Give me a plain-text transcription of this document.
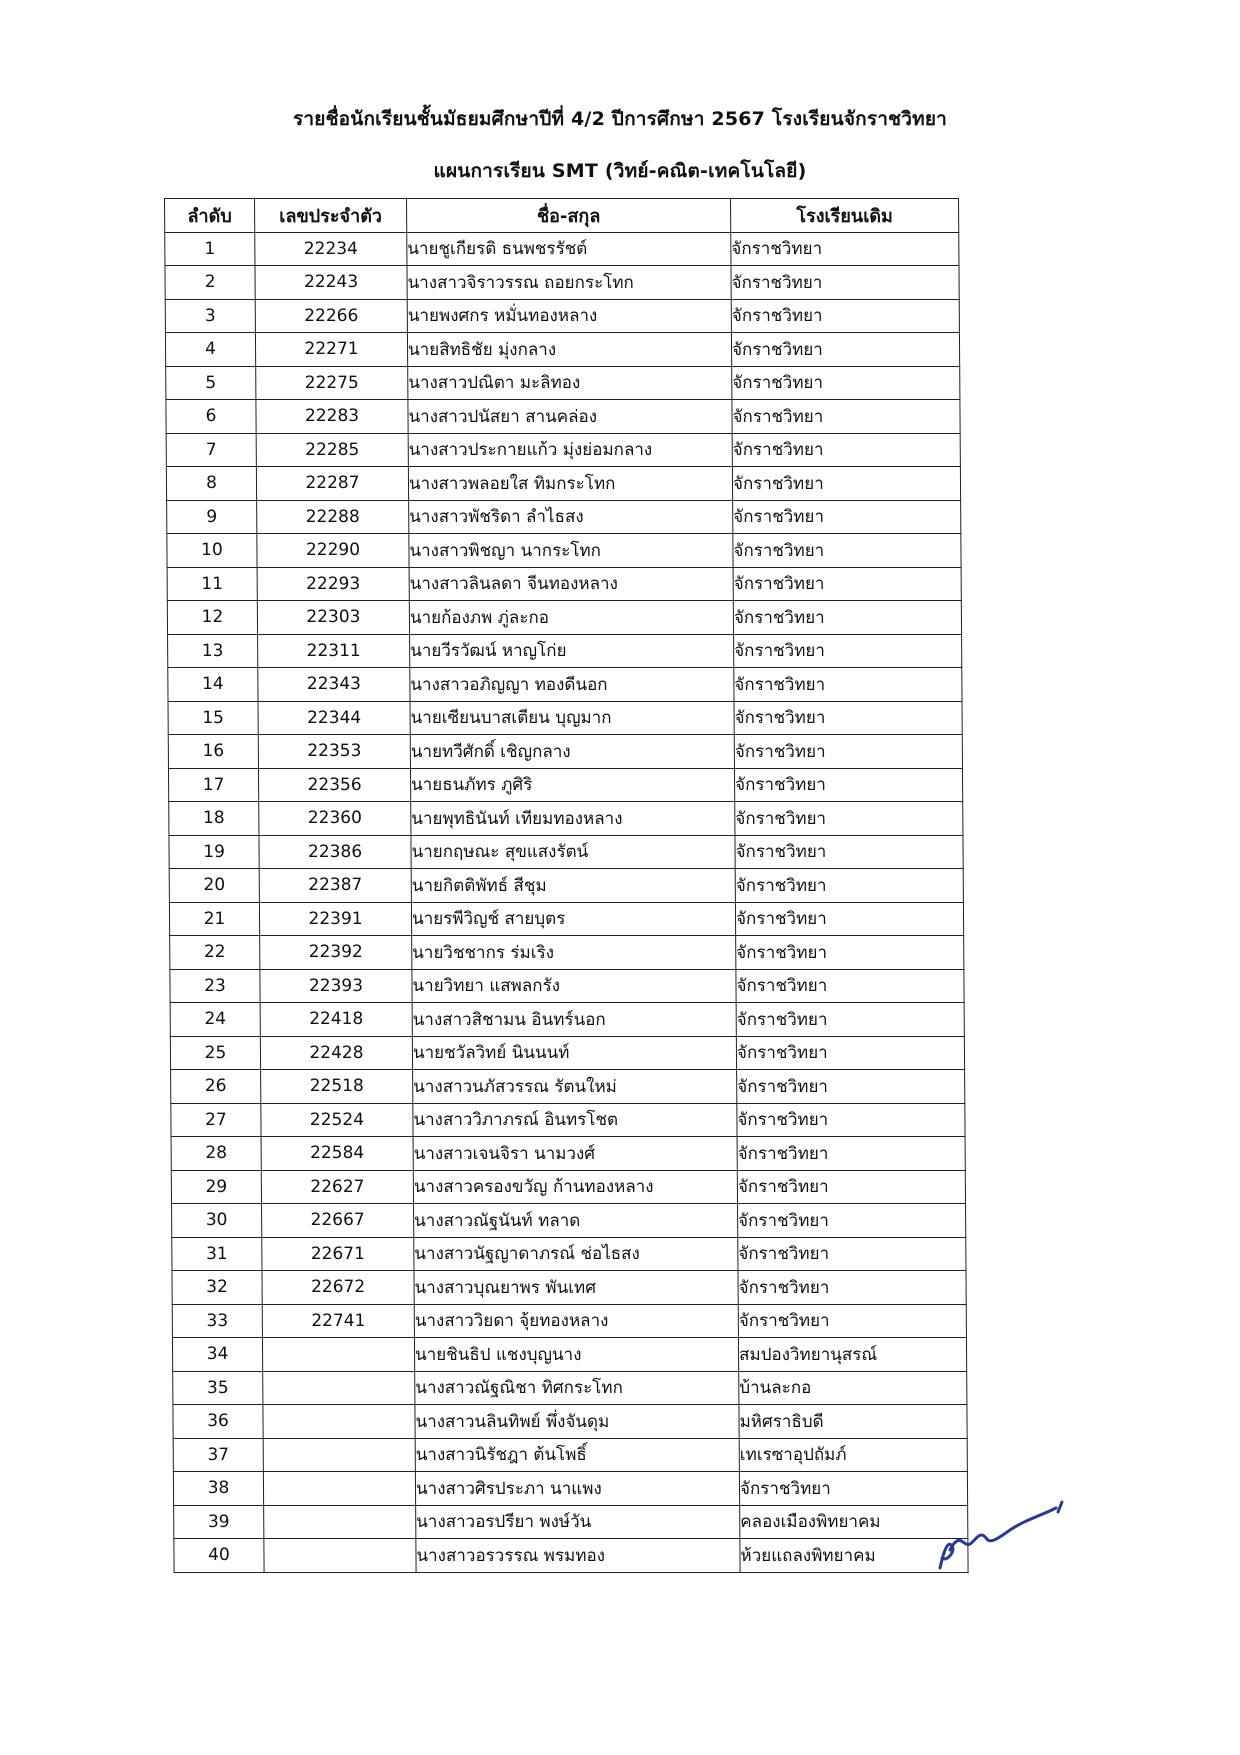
รายชื่อนักเรียนชั้นมัธยมศึกษาปีที่ 4/2 ปีการศึกษา 2567 โรงเรียนจักราชวิทยา
แผนการเรียน SMT (วิทย์-คณิต-เทคโนโลยี)
ลำดับ	เลขประจำตัว	ชื่อ-สกุล	โรงเรียนเดิม
1	22234	นายชูเกียรติ ธนพชรรัชต์	จักราชวิทยา
2	22243	นางสาวจิราวรรณ ถอยกระโทก	จักราชวิทยา
3	22266	นายพงศกร หมั่นทองหลาง	จักราชวิทยา
4	22271	นายสิทธิชัย มุ่งกลาง	จักราชวิทยา
5	22275	นางสาวปณิตา มะลิทอง	จักราชวิทยา
6	22283	นางสาวปนัสยา สานคล่อง	จักราชวิทยา
7	22285	นางสาวประกายแก้ว มุ่งย่อมกลาง	จักราชวิทยา
8	22287	นางสาวพลอยใส ทิมกระโทก	จักราชวิทยา
9	22288	นางสาวพัชริดา ลำไธสง	จักราชวิทยา
10	22290	นางสาวพิชญา นากระโทก	จักราชวิทยา
11	22293	นางสาวลินลดา จีนทองหลาง	จักราชวิทยา
12	22303	นายก้องภพ ภู่ละกอ	จักราชวิทยา
13	22311	นายวีรวัฒน์ หาญโก่ย	จักราชวิทยา
14	22343	นางสาวอภิญญา ทองดีนอก	จักราชวิทยา
15	22344	นายเซียนบาสเตียน บุญมาก	จักราชวิทยา
16	22353	นายทวีศักดิ์ เชิญกลาง	จักราชวิทยา
17	22356	นายธนภัทร ภูศิริ	จักราชวิทยา
18	22360	นายพุทธินันท์ เทียมทองหลาง	จักราชวิทยา
19	22386	นายกฤษณะ สุขแสงรัตน์	จักราชวิทยา
20	22387	นายกิตติพัทธ์ สีชุม	จักราชวิทยา
21	22391	นายรพีวิญช์ สายบุตร	จักราชวิทยา
22	22392	นายวิชชากร ร่มเริง	จักราชวิทยา
23	22393	นายวิทยา แสพลกรัง	จักราชวิทยา
24	22418	นางสาวสิชามน อินทร์นอก	จักราชวิทยา
25	22428	นายชวัลวิทย์ นินนนท์	จักราชวิทยา
26	22518	นางสาวนภัสวรรณ รัตนใหม่	จักราชวิทยา
27	22524	นางสาววิภาภรณ์ อินทรโชต	จักราชวิทยา
28	22584	นางสาวเจนจิรา นามวงศ์	จักราชวิทยา
29	22627	นางสาวครองขวัญ ก้านทองหลาง	จักราชวิทยา
30	22667	นางสาวณัฐนันท์ ทลาด	จักราชวิทยา
31	22671	นางสาวนัฐญาดาภรณ์ ช่อไธสง	จักราชวิทยา
32	22672	นางสาวบุณยาพร พันเทศ	จักราชวิทยา
33	22741	นางสาววิยดา จุ้ยทองหลาง	จักราชวิทยา
34		นายชินธิป แชงบุญนาง	สมปองวิทยานุสรณ์
35		นางสาวณัฐณิชา ทิศกระโทก	บ้านละกอ
36		นางสาวนลินทิพย์ พึ่งจันดุม	มหิศราธิบดี
37		นางสาวนิรัชฎา ต้นโพธิ์	เทเรซาอุปถัมภ์
38		นางสาวศิรประภา นาแพง	จักราชวิทยา
39		นางสาวอรปรียา พงษ์วัน	คลองเมืองพิทยาคม
40		นางสาวอรวรรณ พรมทอง	ห้วยแถลงพิทยาคม
